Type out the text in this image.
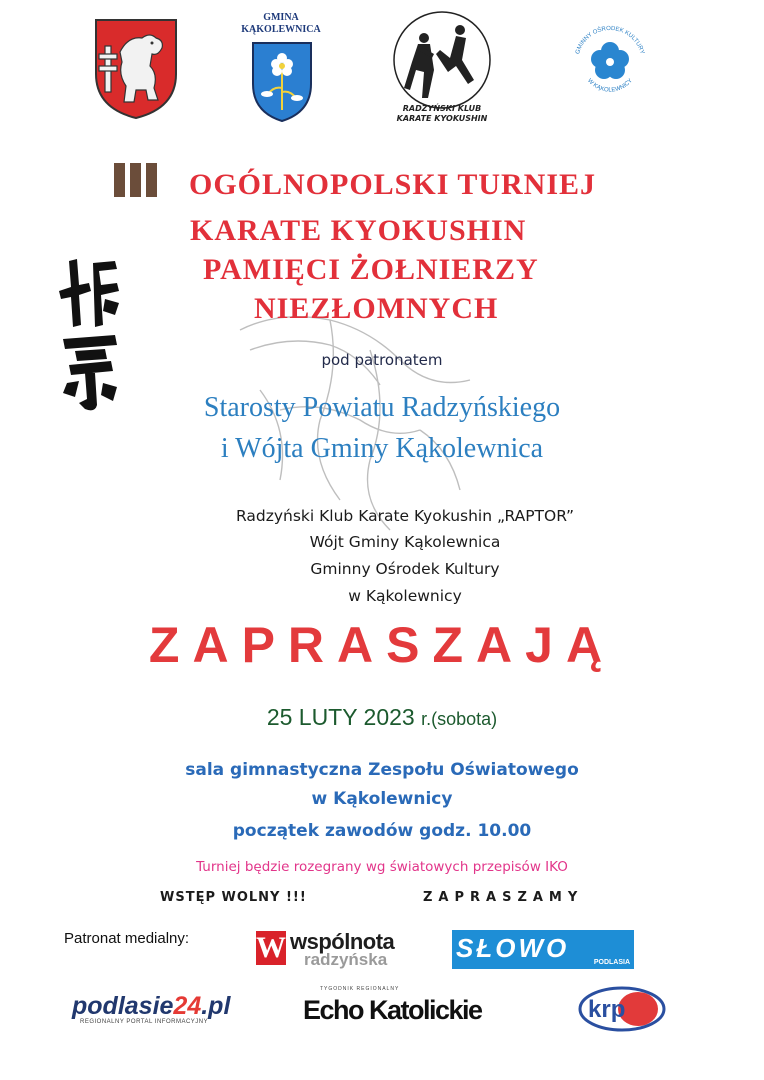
GMINA
KĄKOLEWNICA
RADZYŃSKI KLUB
KARATE KYOKUSHIN
GMINNY OŚRODEK KULTURY
W KĄKOLEWNICY
OGÓLNOPOLSKI TURNIEJ
KARATE KYOKUSHIN
PAMIĘCI ŻOŁNIERZY
NIEZŁOMNYCH
pod patronatem
Starosty Powiatu Radzyńskiego
i Wójta Gminy Kąkolewnica
Radzyński Klub Karate Kyokushin „RAPTOR”
Wójt Gminy Kąkolewnica
Gminny Ośrodek Kultury
w Kąkolewnicy
ZAPRASZAJĄ
25 LUTY 2023 r.(sobota)
sala gimnastyczna Zespołu Oświatowego
w Kąkolewnicy
początek zawodów godz. 10.00
Turniej będzie rozegrany wg światowych przepisów IKO
WSTĘP WOLNY !!!	ZAPRASZAMY
Patronat medialny: W wspólnota
radzyńska	SŁOWO	PODLASIA
podlasie24.pl
REGIONALNY PORTAL INFORMACYJNY
TYGODNIK REGIONALNY
Echo Katolickie	krp
